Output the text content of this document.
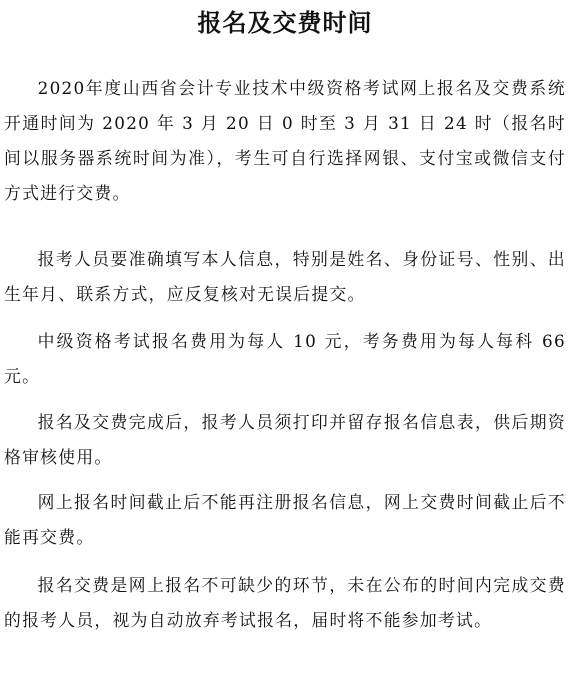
报名及交费时间

2020年度山西省会计专业技术中级资格考试网上报名及交费系统开通时间为 2020 年 3 月 20 日 0 时至 3 月 31 日 24 时（报名时间以服务器系统时间为准），考生可自行选择网银、支付宝或微信支付方式进行交费。

报考人员要准确填写本人信息，特别是姓名、身份证号、性别、出生年月、联系方式，应反复核对无误后提交。

中级资格考试报名费用为每人 10 元，考务费用为每人每科 66 元。

报名及交费完成后，报考人员须打印并留存报名信息表，供后期资格审核使用。

网上报名时间截止后不能再注册报名信息，网上交费时间截止后不能再交费。

报名交费是网上报名不可缺少的环节，未在公布的时间内完成交费的报考人员，视为自动放弃考试报名，届时将不能参加考试。
